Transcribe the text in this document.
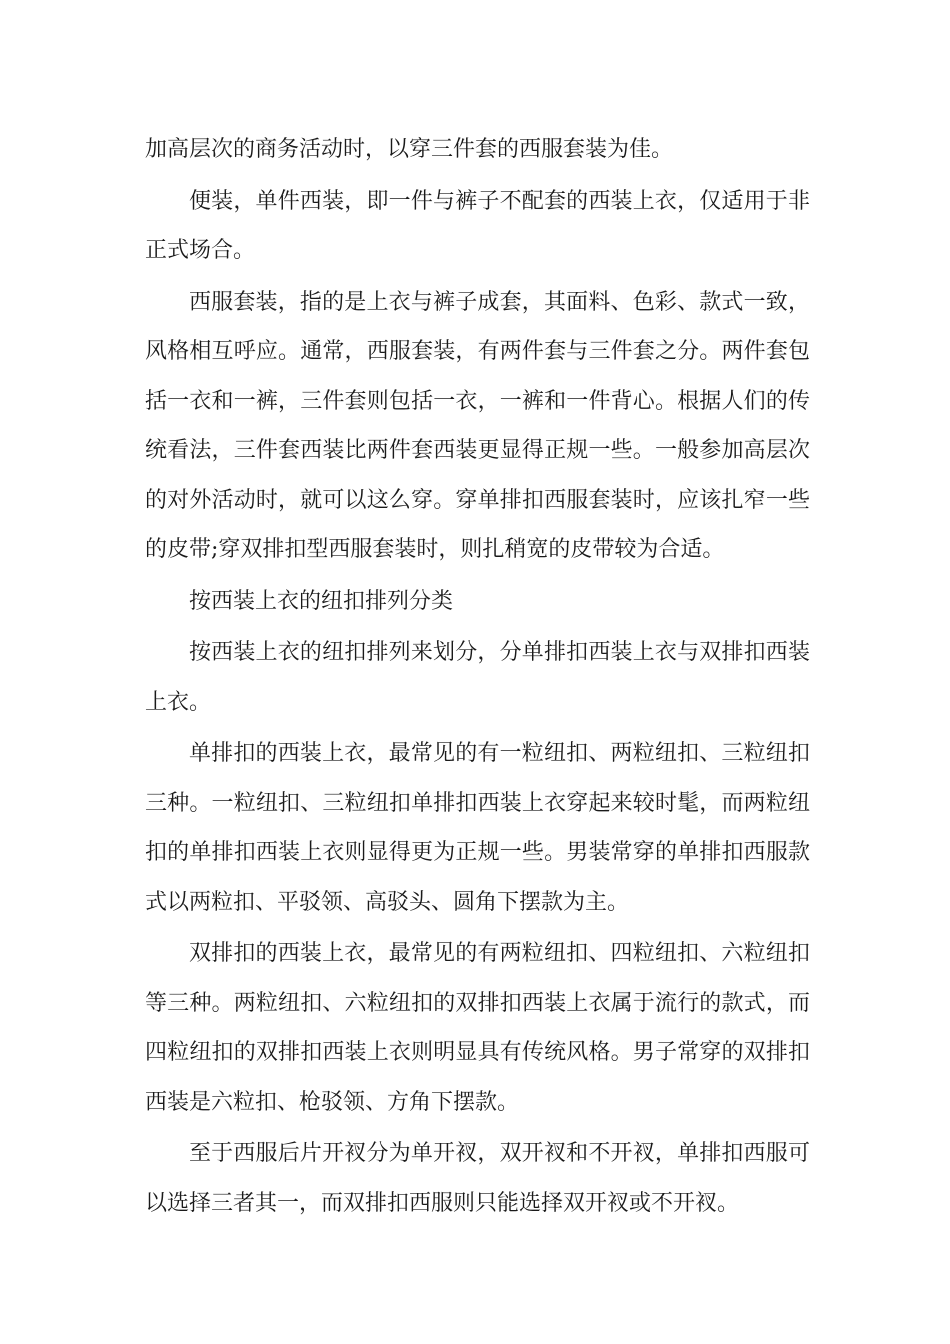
加高层次的商务活动时，以穿三件套的西服套装为佳。

便装，单件西装，即一件与裤子不配套的西装上衣，仅适用于非正式场合。

西服套装，指的是上衣与裤子成套，其面料、色彩、款式一致，风格相互呼应。通常，西服套装，有两件套与三件套之分。两件套包括一衣和一裤，三件套则包括一衣，一裤和一件背心。根据人们的传统看法，三件套西装比两件套西装更显得正规一些。一般参加高层次的对外活动时，就可以这么穿。穿单排扣西服套装时，应该扎窄一些的皮带;穿双排扣型西服套装时，则扎稍宽的皮带较为合适。

按西装上衣的纽扣排列分类

按西装上衣的纽扣排列来划分，分单排扣西装上衣与双排扣西装上衣。

单排扣的西装上衣，最常见的有一粒纽扣、两粒纽扣、三粒纽扣三种。一粒纽扣、三粒纽扣单排扣西装上衣穿起来较时髦，而两粒纽扣的单排扣西装上衣则显得更为正规一些。男装常穿的单排扣西服款式以两粒扣、平驳领、高驳头、圆角下摆款为主。

双排扣的西装上衣，最常见的有两粒纽扣、四粒纽扣、六粒纽扣等三种。两粒纽扣、六粒纽扣的双排扣西装上衣属于流行的款式，而四粒纽扣的双排扣西装上衣则明显具有传统风格。男子常穿的双排扣西装是六粒扣、枪驳领、方角下摆款。

至于西服后片开衩分为单开衩，双开衩和不开衩，单排扣西服可以选择三者其一，而双排扣西服则只能选择双开衩或不开衩。
